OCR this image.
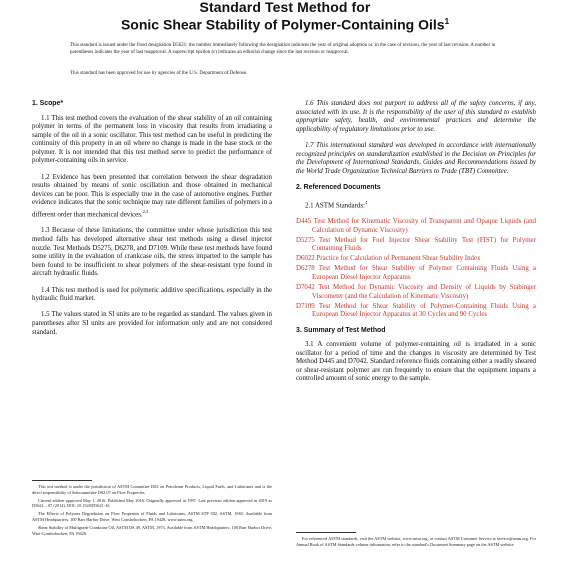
Standard Test Method for
Sonic Shear Stability of Polymer-Containing Oils$^1$
This standard is issued under the fixed designation D5621; the number immediately following the designation indicates the year of original adoption or, in the case of revision, the year of last revision. A number in parentheses indicates the year of last reapproval. A superscript epsilon (ε) indicates an editorial change since the last revision or reapproval.
This standard has been approved for use by agencies of the U.S. Department of Defense.
1. Scope*

1.1 This test method covers the evaluation of the shear stability of an oil containing polymer in terms of the permanent loss in viscosity that results from irradiating a sample of the oil in a sonic oscillator. This test method can be useful in predicting the continuity of this property in an oil where no change is made in the base stock or the polymer. It is not intended that this test method serve to predict the performance of polymer-containing oils in service.

1.2 Evidence has been presented that correlation between the shear degradation results obtained by means of sonic oscillation and those obtained in mechanical devices can be poor. This is especially true in the case of automotive engines. Further evidence indicates that the sonic technique may rate different families of polymers in a different order than mechanical devices.$^{2,3}$

1.3 Because of these limitations, the committee under whose jurisdiction this test method falls has developed alternative shear test methods using a diesel injector nozzle. Test Methods D5275, D6278, and D7109. While these test methods have found some utility in the evaluation of crankcase oils, the stress imparted to the sample has been found to be insufficient to shear polymers of the shear-resistant type found in aircraft hydraulic fluids.

1.4 This test method is used for polymeric additive specifications, especially in the hydraulic fluid market.

1.5 The values stated in SI units are to be regarded as standard. The values given in parentheses after SI units are provided for information only and are not considered standard.

This test method is under the jurisdiction of ASTM Committee D02 on Petroleum Products, Liquid Fuels, and Lubricants and is the direct responsibility of Subcommittee D02.07 on Flow Properties.

Current edition approved May 1, 2016. Published May 2016. Originally approved in 1997. Last previous edition approved in 2019 as D5621 – 07 (2014). DOI: 10.1520/D5621-16.

The Effects of Polymer Degradation on Flow Properties of Fluids and Lubricants, ASTM STP 382, ASTM, 1965. Available from ASTM Headquarters, 100 Barr Harbor Drive, West Conshohocken, PA 19428, www.astm.org.

Shear Stability of Multigrade Crankcase Oil, ASTM DS 49, ASTM, 1973. Available from ASTM Headquarters, 100 Barr Harbor Drive, West Conshohocken, PA 19428.

1.6 This standard does not purport to address all of the safety concerns, if any, associated with its use. It is the responsibility of the user of this standard to establish appropriate safety, health, and environmental practices and determine the applicability of regulatory limitations prior to use.

1.7 This international standard was developed in accordance with internationally recognized principles on standardization established in the Decision on Principles for the Development of International Standards, Guides and Recommendations issued by the World Trade Organization Technical Barriers to Trade (TBT) Committee.

2. Referenced Documents

2.1 ASTM Standards:$^4$

D445 Test Method for Kinematic Viscosity of Transparent and Opaque Liquids (and Calculation of Dynamic Viscosity)
D5275 Test Method for Fuel Injector Shear Stability Test (FIST) for Polymer Containing Fluids
D6022 Practice for Calculation of Permanent Shear Stability Index
D6278 Test Method for Shear Stability of Polymer Containing Fluids Using a European Diesel Injector Apparatus
D7042 Test Method for Dynamic Viscosity and Density of Liquids by Stabinger Viscometer (and the Calculation of Kinematic Viscosity)
D7109 Test Method for Shear Stability of Polymer-Containing Fluids Using a European Diesel Injector Apparatus at 30 Cycles and 90 Cycles
3. Summary of Test Method

3.1 A convenient volume of polymer-containing oil is irradiated in a sonic oscillator for a period of time and the changes in viscosity are determined by Test Method D445 and D7042. Standard reference fluids containing either a readily sheared or shear-resistant polymer are run frequently to ensure that the equipment imparts a controlled amount of sonic energy to the sample.

For referenced ASTM standards, visit the ASTM website, www.astm.org, or contact ASTM Customer Service at service@astm.org. For Annual Book of ASTM Standards volume information, refer to the standard's Document Summary page on the ASTM website.
